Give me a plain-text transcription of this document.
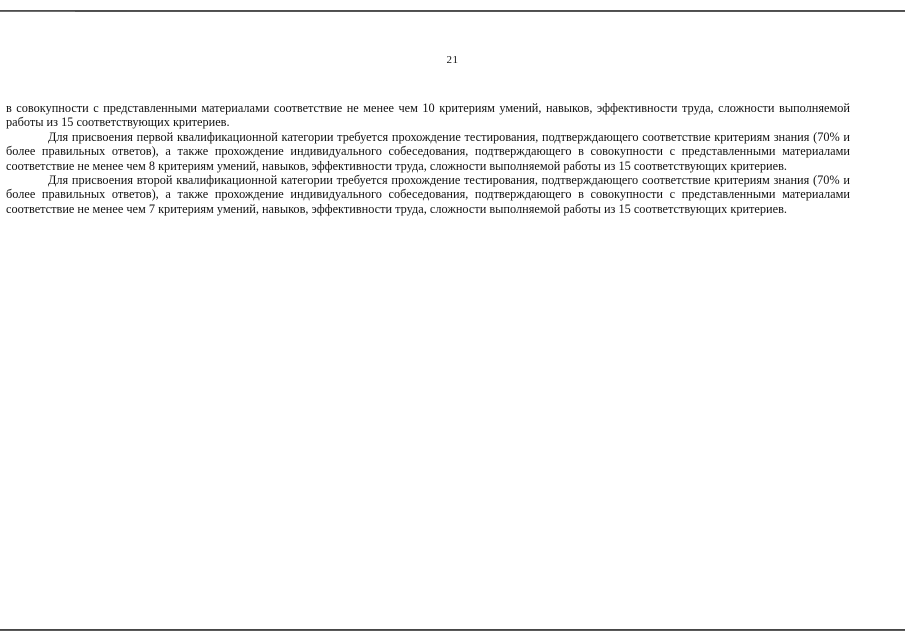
21

в совокупности с представленными материалами соответствие не менее чем 10 критериям умений, навыков, эффективности труда, сложности выполняемой работы из 15 соответствующих критериев.

Для присвоения первой квалификационной категории требуется прохождение тестирования, подтверждающего соответствие критериям знания (70% и более правильных ответов), а также прохождение индивидуального собеседования, подтверждающего в совокупности с представленными материалами соответствие не менее чем 8 критериям умений, навыков, эффективности труда, сложности выполняемой работы из 15 соответствующих критериев.

Для присвоения второй квалификационной категории требуется прохождение тестирования, подтверждающего соответствие критериям знания (70% и более правильных ответов), а также прохождение индивидуального собеседования, подтверждающего в совокупности с представленными материалами соответствие не менее чем 7 критериям умений, навыков, эффективности труда, сложности выполняемой работы из 15 соответствующих критериев.
